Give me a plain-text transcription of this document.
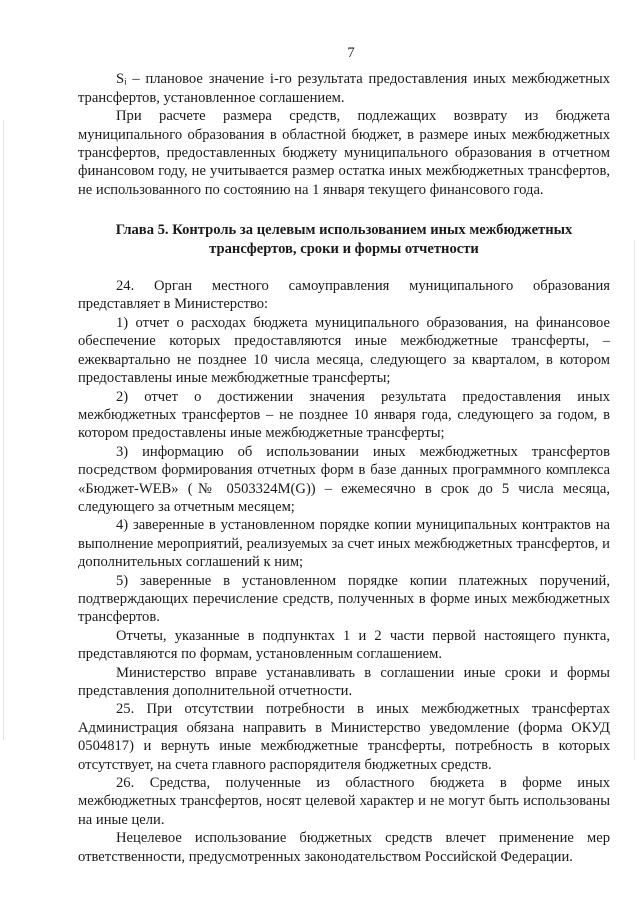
7

Sᵢ – плановое значение i-го результата предоставления иных межбюджетных трансфертов, установленное соглашением.

При расчете размера средств, подлежащих возврату из бюджета муниципального образования в областной бюджет, в размере иных межбюджетных трансфертов, предоставленных бюджету муниципального образования в отчетном финансовом году, не учитывается размер остатка иных межбюджетных трансфертов, не использованного по состоянию на 1 января текущего финансового года.

Глава 5. Контроль за целевым использованием иных межбюджетных трансфертов, сроки и формы отчетности

24. Орган местного самоуправления муниципального образования представляет в Министерство:

1) отчет о расходах бюджета муниципального образования, на финансовое обеспечение которых предоставляются иные межбюджетные трансферты, – ежеквартально не позднее 10 числа месяца, следующего за кварталом, в котором предоставлены иные межбюджетные трансферты;

2) отчет о достижении значения результата предоставления иных межбюджетных трансфертов – не позднее 10 января года, следующего за годом, в котором предоставлены иные межбюджетные трансферты;

3) информацию об использовании иных межбюджетных трансфертов посредством формирования отчетных форм в базе данных программного комплекса «Бюджет-WEB» (№ 0503324М(G)) – ежемесячно в срок до 5 числа месяца, следующего за отчетным месяцем;

4) заверенные в установленном порядке копии муниципальных контрактов на выполнение мероприятий, реализуемых за счет иных межбюджетных трансфертов, и дополнительных соглашений к ним;

5) заверенные в установленном порядке копии платежных поручений, подтверждающих перечисление средств, полученных в форме иных межбюджетных трансфертов.

Отчеты, указанные в подпунктах 1 и 2 части первой настоящего пункта, представляются по формам, установленным соглашением.

Министерство вправе устанавливать в соглашении иные сроки и формы представления дополнительной отчетности.

25. При отсутствии потребности в иных межбюджетных трансфертах Администрация обязана направить в Министерство уведомление (форма ОКУД 0504817) и вернуть иные межбюджетные трансферты, потребность в которых отсутствует, на счета главного распорядителя бюджетных средств.

26. Средства, полученные из областного бюджета в форме иных межбюджетных трансфертов, носят целевой характер и не могут быть использованы на иные цели.

Нецелевое использование бюджетных средств влечет применение мер ответственности, предусмотренных законодательством Российской Федерации.
